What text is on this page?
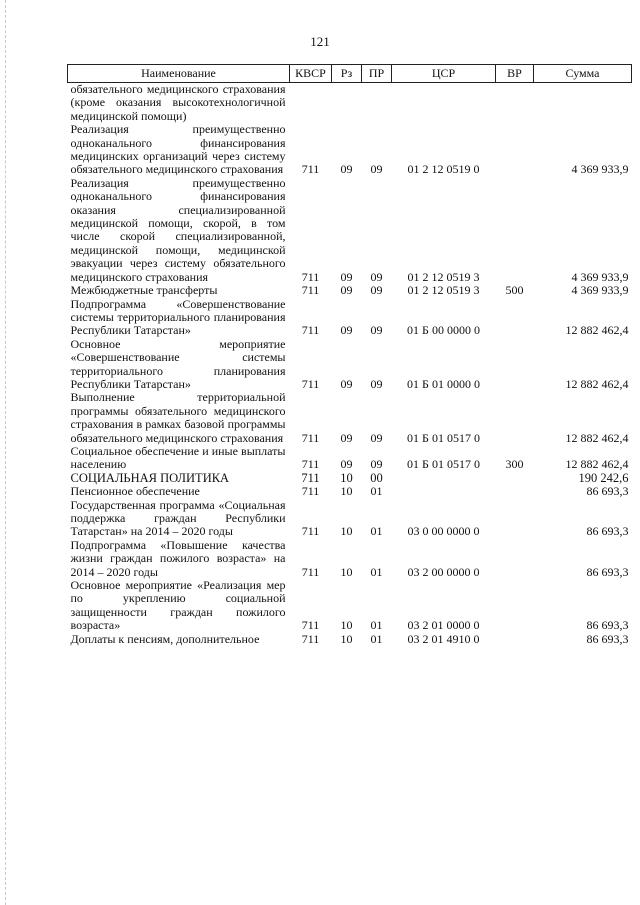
121
Наименование	КВСР	Рз	ПР	ЦСР	ВР	Сумма
обязательного медицинского страхования (кроме оказания высокотехнологичной медицинской помощи)						
Реализация преимущественно одноканального финансирования медицинских организаций через систему обязательного медицинского страхования	711	09	09	01 2 12 0519 0		4 369 933,9
Реализация преимущественно одноканального финансирования оказания специализированной медицинской помощи, скорой, в том числе скорой специализированной, медицинской помощи, медицинской эвакуации через систему обязательного медицинского страхования	711	09	09	01 2 12 0519 3		4 369 933,9
Межбюджетные трансферты	711	09	09	01 2 12 0519 3	500	4 369 933,9
Подпрограмма «Совершенствование системы территориального планирования Республики Татарстан»	711	09	09	01 Б 00 0000 0		12 882 462,4
Основное мероприятие «Совершенствование системы территориального планирования Республики Татарстан»	711	09	09	01 Б 01 0000 0		12 882 462,4
Выполнение территориальной программы обязательного медицинского страхования в рамках базовой программы обязательного медицинского страхования	711	09	09	01 Б 01 0517 0		12 882 462,4
Социальное обеспечение и иные выплаты населению	711	09	09	01 Б 01 0517 0	300	12 882 462,4
СОЦИАЛЬНАЯ ПОЛИТИКА	711	10	00			190 242,6
Пенсионное обеспечение	711	10	01			86 693,3
Государственная программа «Социальная поддержка граждан Республики Татарстан» на 2014 – 2020 годы	711	10	01	03 0 00 0000 0		86 693,3
Подпрограмма «Повышение качества жизни граждан пожилого возраста» на 2014 – 2020 годы	711	10	01	03 2 00 0000 0		86 693,3
Основное мероприятие «Реализация мер по укреплению социальной защищенности граждан пожилого возраста»	711	10	01	03 2 01 0000 0		86 693,3
Доплаты к пенсиям, дополнительное	711	10	01	03 2 01 4910 0		86 693,3
